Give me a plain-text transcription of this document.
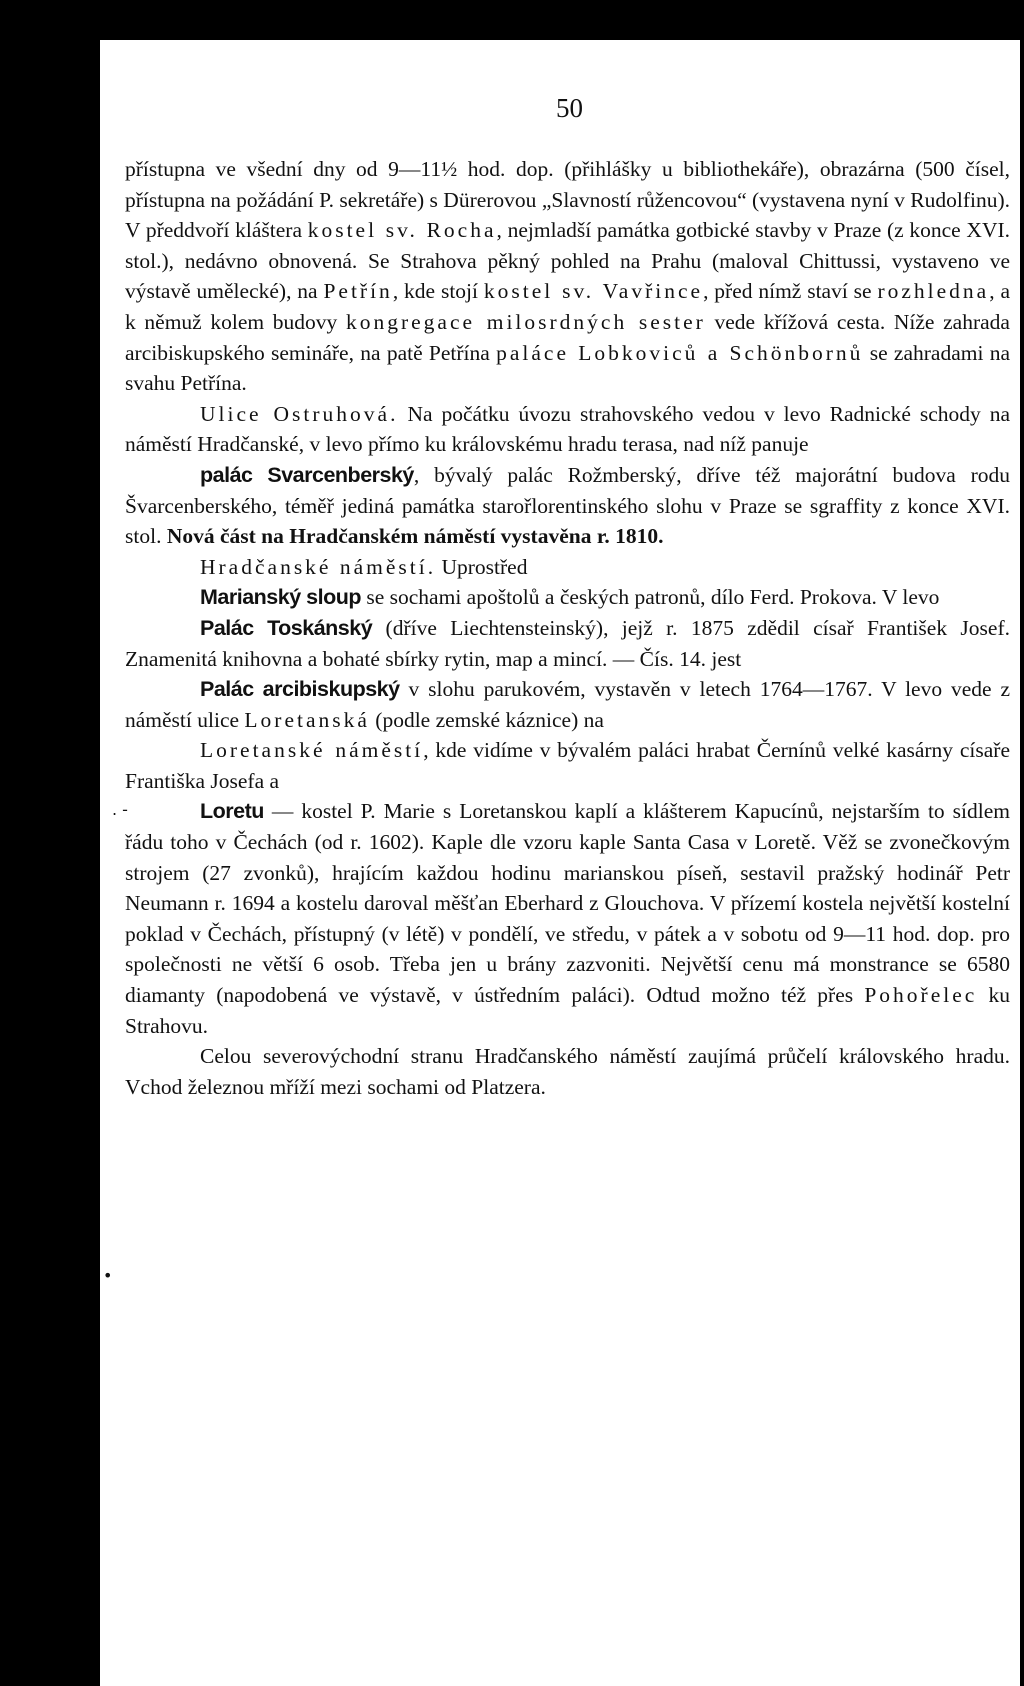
50
. -
•

přístupna ve všední dny od 9—11½ hod. dop. (přihlášky u bibliothekáře), obrazárna (500 čísel, přístupna na požádání P. sekretáře) s Dürerovou „Slavností růžencovou“ (vystavena nyní v Rudolfinu). V předdvoří kláštera kostel sv. Rocha, nejmladší památka gotbické stavby v Praze (z konce XVI. stol.), nedávno obnovená. Se Strahova pěkný pohled na Prahu (maloval Chittussi, vystaveno ve výstavě umělecké), na Petřín, kde stojí kostel sv. Vavřince, před nímž staví se rozhledna, a k němuž kolem budovy kongregace milosrdných sester vede křížová cesta. Níže zahrada arcibiskupského semináře, na patě Petřína paláce Lobkoviců a Schönbornů se zahradami na svahu Petřína.

Ulice Ostruhová. Na počátku úvozu strahovského vedou v levo Radnické schody na náměstí Hradčanské, v levo přímo ku královskému hradu terasa, nad níž panuje

palác Svarcenberský, bývalý palác Rožmberský, dříve též majorátní budova rodu Švarcenberského, téměř jediná památka starořlorentinského slohu v Praze se sgraffity z konce XVI. stol. Nová část na Hradčanském náměstí vystavěna r. 1810.

Hradčanské náměstí. Uprostřed

Marianský sloup se sochami apoštolů a českých patronů, dílo Ferd. Prokova. V levo

Palác Toskánský (dříve Liechtensteinský), jejž r. 1875 zdědil císař František Josef. Znamenitá knihovna a bohaté sbírky rytin, map a mincí. — Čís. 14. jest

Palác arcibiskupský v slohu parukovém, vystavěn v letech 1764—1767. V levo vede z náměstí ulice Loretanská (podle zemské káznice) na

Loretanské náměstí, kde vidíme v bývalém paláci hrabat Černínů velké kasárny císaře Františka Josefa a

Loretu — kostel P. Marie s Loretanskou kaplí a klášterem Kapucínů, nejstarším to sídlem řádu toho v Čechách (od r. 1602). Kaple dle vzoru kaple Santa Casa v Loretě. Věž se zvonečkovým strojem (27 zvonků), hrajícím každou hodinu marianskou píseň, sestavil pražský hodinář Petr Neumann r. 1694 a kostelu daroval měšťan Eberhard z Glouchova. V přízemí kostela největší kostelní poklad v Čechách, přístupný (v létě) v pondělí, ve středu, v pátek a v sobotu od 9—11 hod. dop. pro společnosti ne větší 6 osob. Třeba jen u brány zazvoniti. Největší cenu má monstrance se 6580 diamanty (napodobená ve výstavě, v ústředním paláci). Odtud možno též přes Pohořelec ku Strahovu.

Celou severovýchodní stranu Hradčanského náměstí zaujímá průčelí královského hradu. Vchod železnou mříží mezi sochami od Platzera.
